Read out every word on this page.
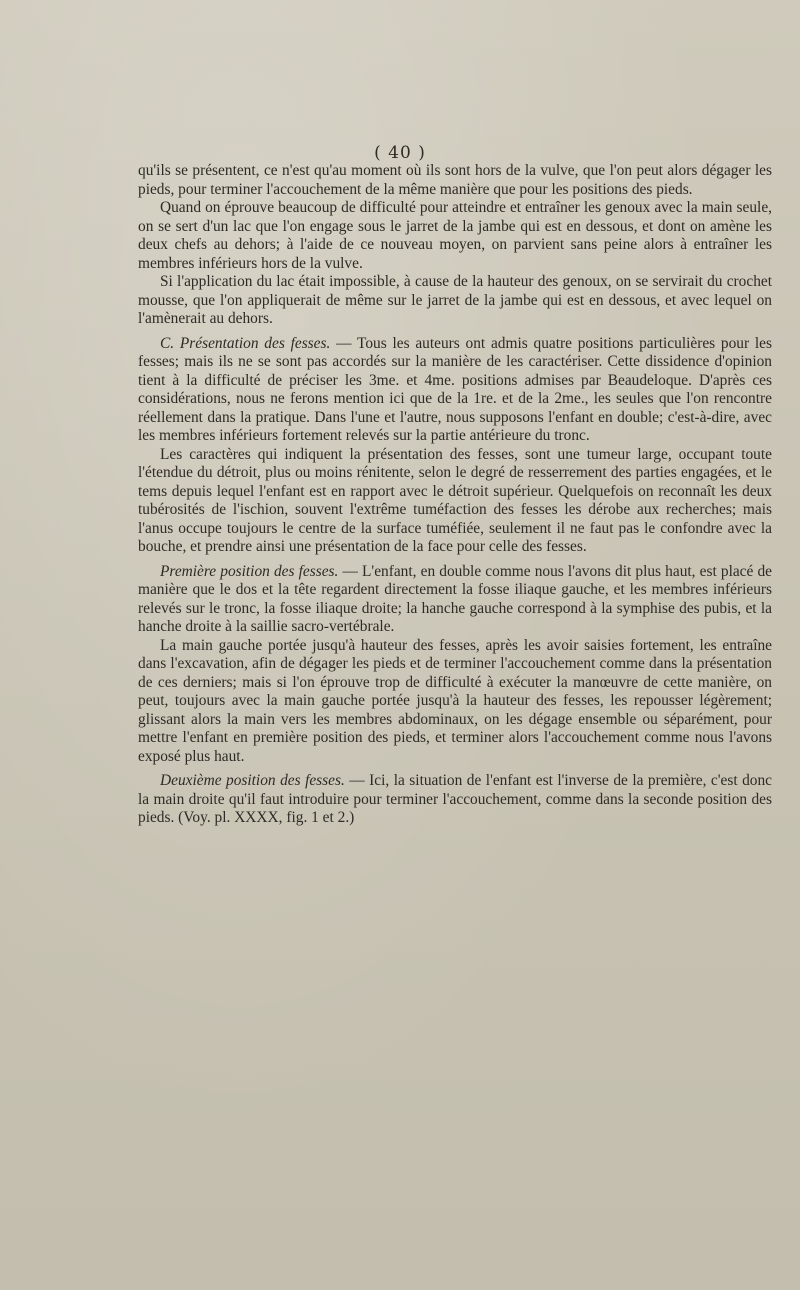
( 40 )

qu'ils se présentent, ce n'est qu'au moment où ils sont hors de la vulve, que l'on peut alors dégager les pieds, pour terminer l'accouchement de la même manière que pour les positions des pieds.

Quand on éprouve beaucoup de difficulté pour atteindre et entraîner les genoux avec la main seule, on se sert d'un lac que l'on engage sous le jarret de la jambe qui est en dessous, et dont on amène les deux chefs au dehors; à l'aide de ce nouveau moyen, on parvient sans peine alors à entraîner les membres inférieurs hors de la vulve.

Si l'application du lac était impossible, à cause de la hauteur des genoux, on se servirait du crochet mousse, que l'on appliquerait de même sur le jarret de la jambe qui est en dessous, et avec lequel on l'amènerait au dehors.

C. Présentation des fesses. — Tous les auteurs ont admis quatre positions particulières pour les fesses; mais ils ne se sont pas accordés sur la manière de les caractériser. Cette dissidence d'opinion tient à la difficulté de préciser les 3me. et 4me. positions admises par Beaudeloque. D'après ces considérations, nous ne ferons mention ici que de la 1re. et de la 2me., les seules que l'on rencontre réellement dans la pratique. Dans l'une et l'autre, nous supposons l'enfant en double; c'est-à-dire, avec les membres inférieurs fortement relevés sur la partie antérieure du tronc.

Les caractères qui indiquent la présentation des fesses, sont une tumeur large, occupant toute l'étendue du détroit, plus ou moins rénitente, selon le degré de resserrement des parties engagées, et le tems depuis lequel l'enfant est en rapport avec le détroit supérieur. Quelquefois on reconnaît les deux tubérosités de l'ischion, souvent l'extrême tuméfaction des fesses les dérobe aux recherches; mais l'anus occupe toujours le centre de la surface tuméfiée, seulement il ne faut pas le confondre avec la bouche, et prendre ainsi une présentation de la face pour celle des fesses.

Première position des fesses. — L'enfant, en double comme nous l'avons dit plus haut, est placé de manière que le dos et la tête regardent directement la fosse iliaque gauche, et les membres inférieurs relevés sur le tronc, la fosse iliaque droite; la hanche gauche correspond à la symphise des pubis, et la hanche droite à la saillie sacro-vertébrale.

La main gauche portée jusqu'à hauteur des fesses, après les avoir saisies fortement, les entraîne dans l'excavation, afin de dégager les pieds et de terminer l'accouchement comme dans la présentation de ces derniers; mais si l'on éprouve trop de difficulté à exécuter la manœuvre de cette manière, on peut, toujours avec la main gauche portée jusqu'à la hauteur des fesses, les repousser légèrement; glissant alors la main vers les membres abdominaux, on les dégage ensemble ou séparément, pour mettre l'enfant en première position des pieds, et terminer alors l'accouchement comme nous l'avons exposé plus haut.

Deuxième position des fesses. — Ici, la situation de l'enfant est l'inverse de la première, c'est donc la main droite qu'il faut introduire pour terminer l'accouchement, comme dans la seconde position des pieds. (Voy. pl. XXXX, fig. 1 et 2.)
